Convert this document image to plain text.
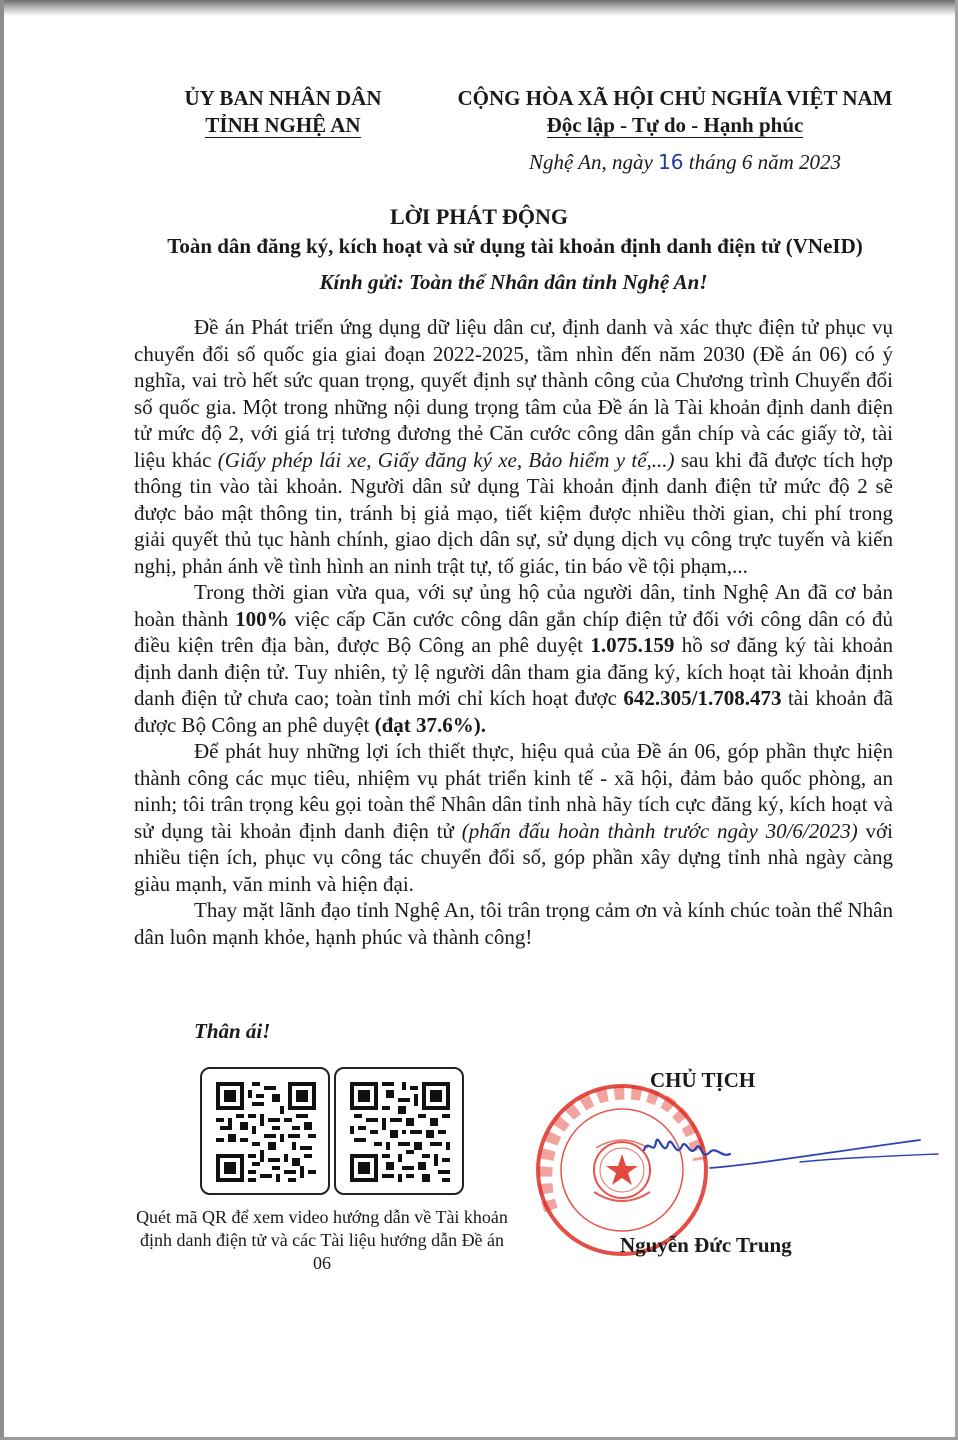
ỦY BAN NHÂN DÂN
TỈNH NGHỆ AN
CỘNG HÒA XÃ HỘI CHỦ NGHĨA VIỆT NAM
Độc lập - Tự do - Hạnh phúc
Nghệ An, ngày 16 tháng 6 năm 2023
LỜI PHÁT ĐỘNG
Toàn dân đăng ký, kích hoạt và sử dụng tài khoản định danh điện tử (VNeID)
Kính gửi: Toàn thể Nhân dân tỉnh Nghệ An!

Đề án Phát triển ứng dụng dữ liệu dân cư, định danh và xác thực điện tử phục vụ chuyển đổi số quốc gia giai đoạn 2022-2025, tầm nhìn đến năm 2030 (Đề án 06) có ý nghĩa, vai trò hết sức quan trọng, quyết định sự thành công của Chương trình Chuyển đổi số quốc gia. Một trong những nội dung trọng tâm của Đề án là Tài khoản định danh điện tử mức độ 2, với giá trị tương đương thẻ Căn cước công dân gắn chíp và các giấy tờ, tài liệu khác (Giấy phép lái xe, Giấy đăng ký xe, Bảo hiểm y tế,...) sau khi đã được tích hợp thông tin vào tài khoản. Người dân sử dụng Tài khoản định danh điện tử mức độ 2 sẽ được bảo mật thông tin, tránh bị giả mạo, tiết kiệm được nhiều thời gian, chi phí trong giải quyết thủ tục hành chính, giao dịch dân sự, sử dụng dịch vụ công trực tuyến và kiến nghị, phản ánh về tình hình an ninh trật tự, tố giác, tin báo về tội phạm,...

Trong thời gian vừa qua, với sự ủng hộ của người dân, tỉnh Nghệ An đã cơ bản hoàn thành 100% việc cấp Căn cước công dân gắn chíp điện tử đối với công dân có đủ điều kiện trên địa bàn, được Bộ Công an phê duyệt 1.075.159 hồ sơ đăng ký tài khoản định danh điện tử. Tuy nhiên, tỷ lệ người dân tham gia đăng ký, kích hoạt tài khoản định danh điện tử chưa cao; toàn tỉnh mới chỉ kích hoạt được 642.305/1.708.473 tài khoản đã được Bộ Công an phê duyệt (đạt 37.6%).

Để phát huy những lợi ích thiết thực, hiệu quả của Đề án 06, góp phần thực hiện thành công các mục tiêu, nhiệm vụ phát triển kinh tế - xã hội, đảm bảo quốc phòng, an ninh; tôi trân trọng kêu gọi toàn thể Nhân dân tỉnh nhà hãy tích cực đăng ký, kích hoạt và sử dụng tài khoản định danh điện tử (phấn đấu hoàn thành trước ngày 30/6/2023) với nhiều tiện ích, phục vụ công tác chuyển đổi số, góp phần xây dựng tỉnh nhà ngày càng giàu mạnh, văn minh và hiện đại.

Thay mặt lãnh đạo tỉnh Nghệ An, tôi trân trọng cảm ơn và kính chúc toàn thể Nhân dân luôn mạnh khỏe, hạnh phúc và thành công!

Thân ái!
Quét mã QR để xem video hướng dẫn về Tài khoản định danh điện tử và các Tài liệu hướng dẫn Đề án 06
CHỦ TỊCH
Nguyễn Đức Trung
